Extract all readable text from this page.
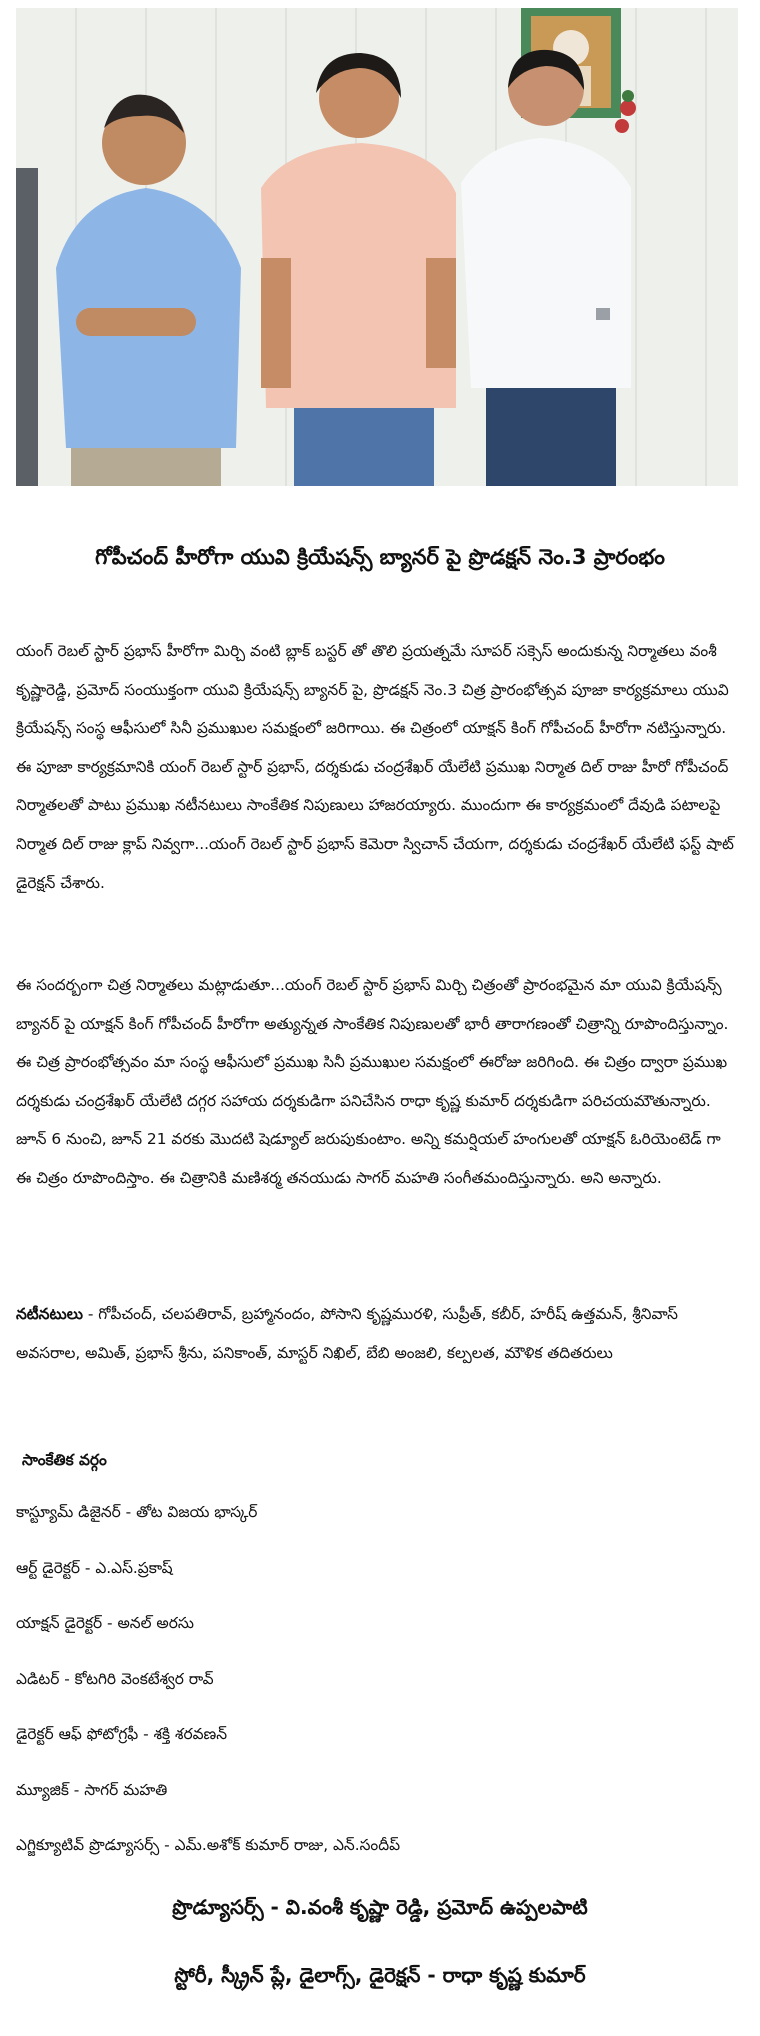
గోపీచంద్ హీరోగా యువి క్రియేషన్స్ బ్యానర్ పై ప్రొడక్షన్ నెం.3 ప్రారంభం

యంగ్ రెబల్ స్టార్ ప్రభాస్ హీరోగా మిర్చి వంటి బ్లాక్ బస్టర్ తో తొలి ప్రయత్నమే సూపర్ సక్సెస్ అందుకున్న నిర్మాతలు వంశీ కృష్ణారెడ్డి, ప్రమోద్ సంయుక్తంగా యువి క్రియేషన్స్ బ్యానర్ పై, ప్రొడక్షన్ నెం.3 చిత్ర ప్రారంభోత్సవ పూజా కార్యక్రమాలు యువి క్రియేషన్స్ సంస్థ ఆఫీసులో సినీ ప్రముఖుల సమక్షంలో జరిగాయి. ఈ చిత్రంలో యాక్షన్ కింగ్ గోపీచంద్ హీరోగా నటిస్తున్నారు. ఈ పూజా కార్యక్రమానికి యంగ్ రెబల్ స్టార్ ప్రభాస్, దర్శకుడు చంద్రశేఖర్ యేలేటి ప్రముఖ నిర్మాత దిల్ రాజు హీరో గోపీచంద్ నిర్మాతలతో పాటు ప్రముఖ నటీనటులు సాంకేతిక నిపుణులు హాజరయ్యారు. ముందుగా ఈ కార్యక్రమంలో దేవుడి పటాలపై నిర్మాత దిల్ రాజు క్లాప్ నివ్వగా...యంగ్ రెబల్ స్టార్ ప్రభాస్ కెమెరా స్విచాన్ చేయగా, దర్శకుడు చంద్రశేఖర్ యేలేటి ఫస్ట్ షాట్ డైరెక్షన్ చేశారు.

ఈ సందర్బంగా చిత్ర నిర్మాతలు మట్లాడుతూ...యంగ్ రెబల్ స్టార్ ప్రభాస్ మిర్చి చిత్రంతో ప్రారంభమైన మా యువి క్రియేషన్స్ బ్యానర్ పై యాక్షన్ కింగ్ గోపీచంద్ హీరోగా అత్యున్నత సాంకేతిక నిపుణులతో భారీ తారాగణంతో చిత్రాన్ని రూపొందిస్తున్నాం. ఈ చిత్ర ప్రారంభోత్సవం మా సంస్థ ఆఫీసులో ప్రముఖ సినీ ప్రముఖుల సమక్షంలో ఈరోజు జరిగింది. ఈ చిత్రం ద్వారా ప్రముఖ దర్శకుడు చంద్రశేఖర్ యేలేటి దగ్గర సహాయ దర్శకుడిగా పనిచేసిన రాధా కృష్ణ కుమార్ దర్శకుడిగా పరిచయమౌతున్నారు. జూన్ 6 నుంచి, జూన్ 21 వరకు మొదటి షెడ్యూల్ జరుపుకుంటాం. అన్ని కమర్షియల్ హంగులతో యాక్షన్ ఓరియెంటెడ్ గా ఈ చిత్రం రూపొందిస్తాం. ఈ చిత్రానికి మణిశర్మ తనయుడు సాగర్ మహతి సంగీతమందిస్తున్నారు. అని అన్నారు.

నటీనటులు - గోపీచంద్, చలపతిరావ్, బ్రహ్మానందం, పోసాని కృష్ణమురళి, సుప్రీత్, కబీర్, హరీష్ ఉత్తమన్, శ్రీనివాస్ అవసరాల, అమిత్, ప్రభాస్ శ్రీను, పనికాంత్, మాస్టర్ నిఖిల్, బేబి అంజలి, కల్పలత, మౌళిక తదితరులు

సాంకేతిక వర్గం
కాస్ట్యూమ్ డిజైనర్ - తోట విజయ భాస్కర్
ఆర్ట్ డైరెక్టర్ - ఎ.ఎస్.ప్రకాష్
యాక్షన్ డైరెక్టర్ - అనల్ అరసు
ఎడిటర్ - కోటగిరి వెంకటేశ్వర రావ్
డైరెక్టర్ ఆఫ్ ఫోటోగ్రఫీ - శక్తి శరవణన్
మ్యూజిక్ - సాగర్ మహతి
ఎగ్జిక్యూటివ్ ప్రొడ్యూసర్స్ - ఎమ్.అశోక్ కుమార్ రాజు, ఎన్.సందీప్
ప్రొడ్యూసర్స్ - వి.వంశీ కృష్ణా రెడ్డి, ప్రమోద్ ఉప్పలపాటి
స్టోరీ, స్క్రీన్ ప్లే, డైలాగ్స్, డైరెక్షన్ - రాధా కృష్ణ కుమార్
